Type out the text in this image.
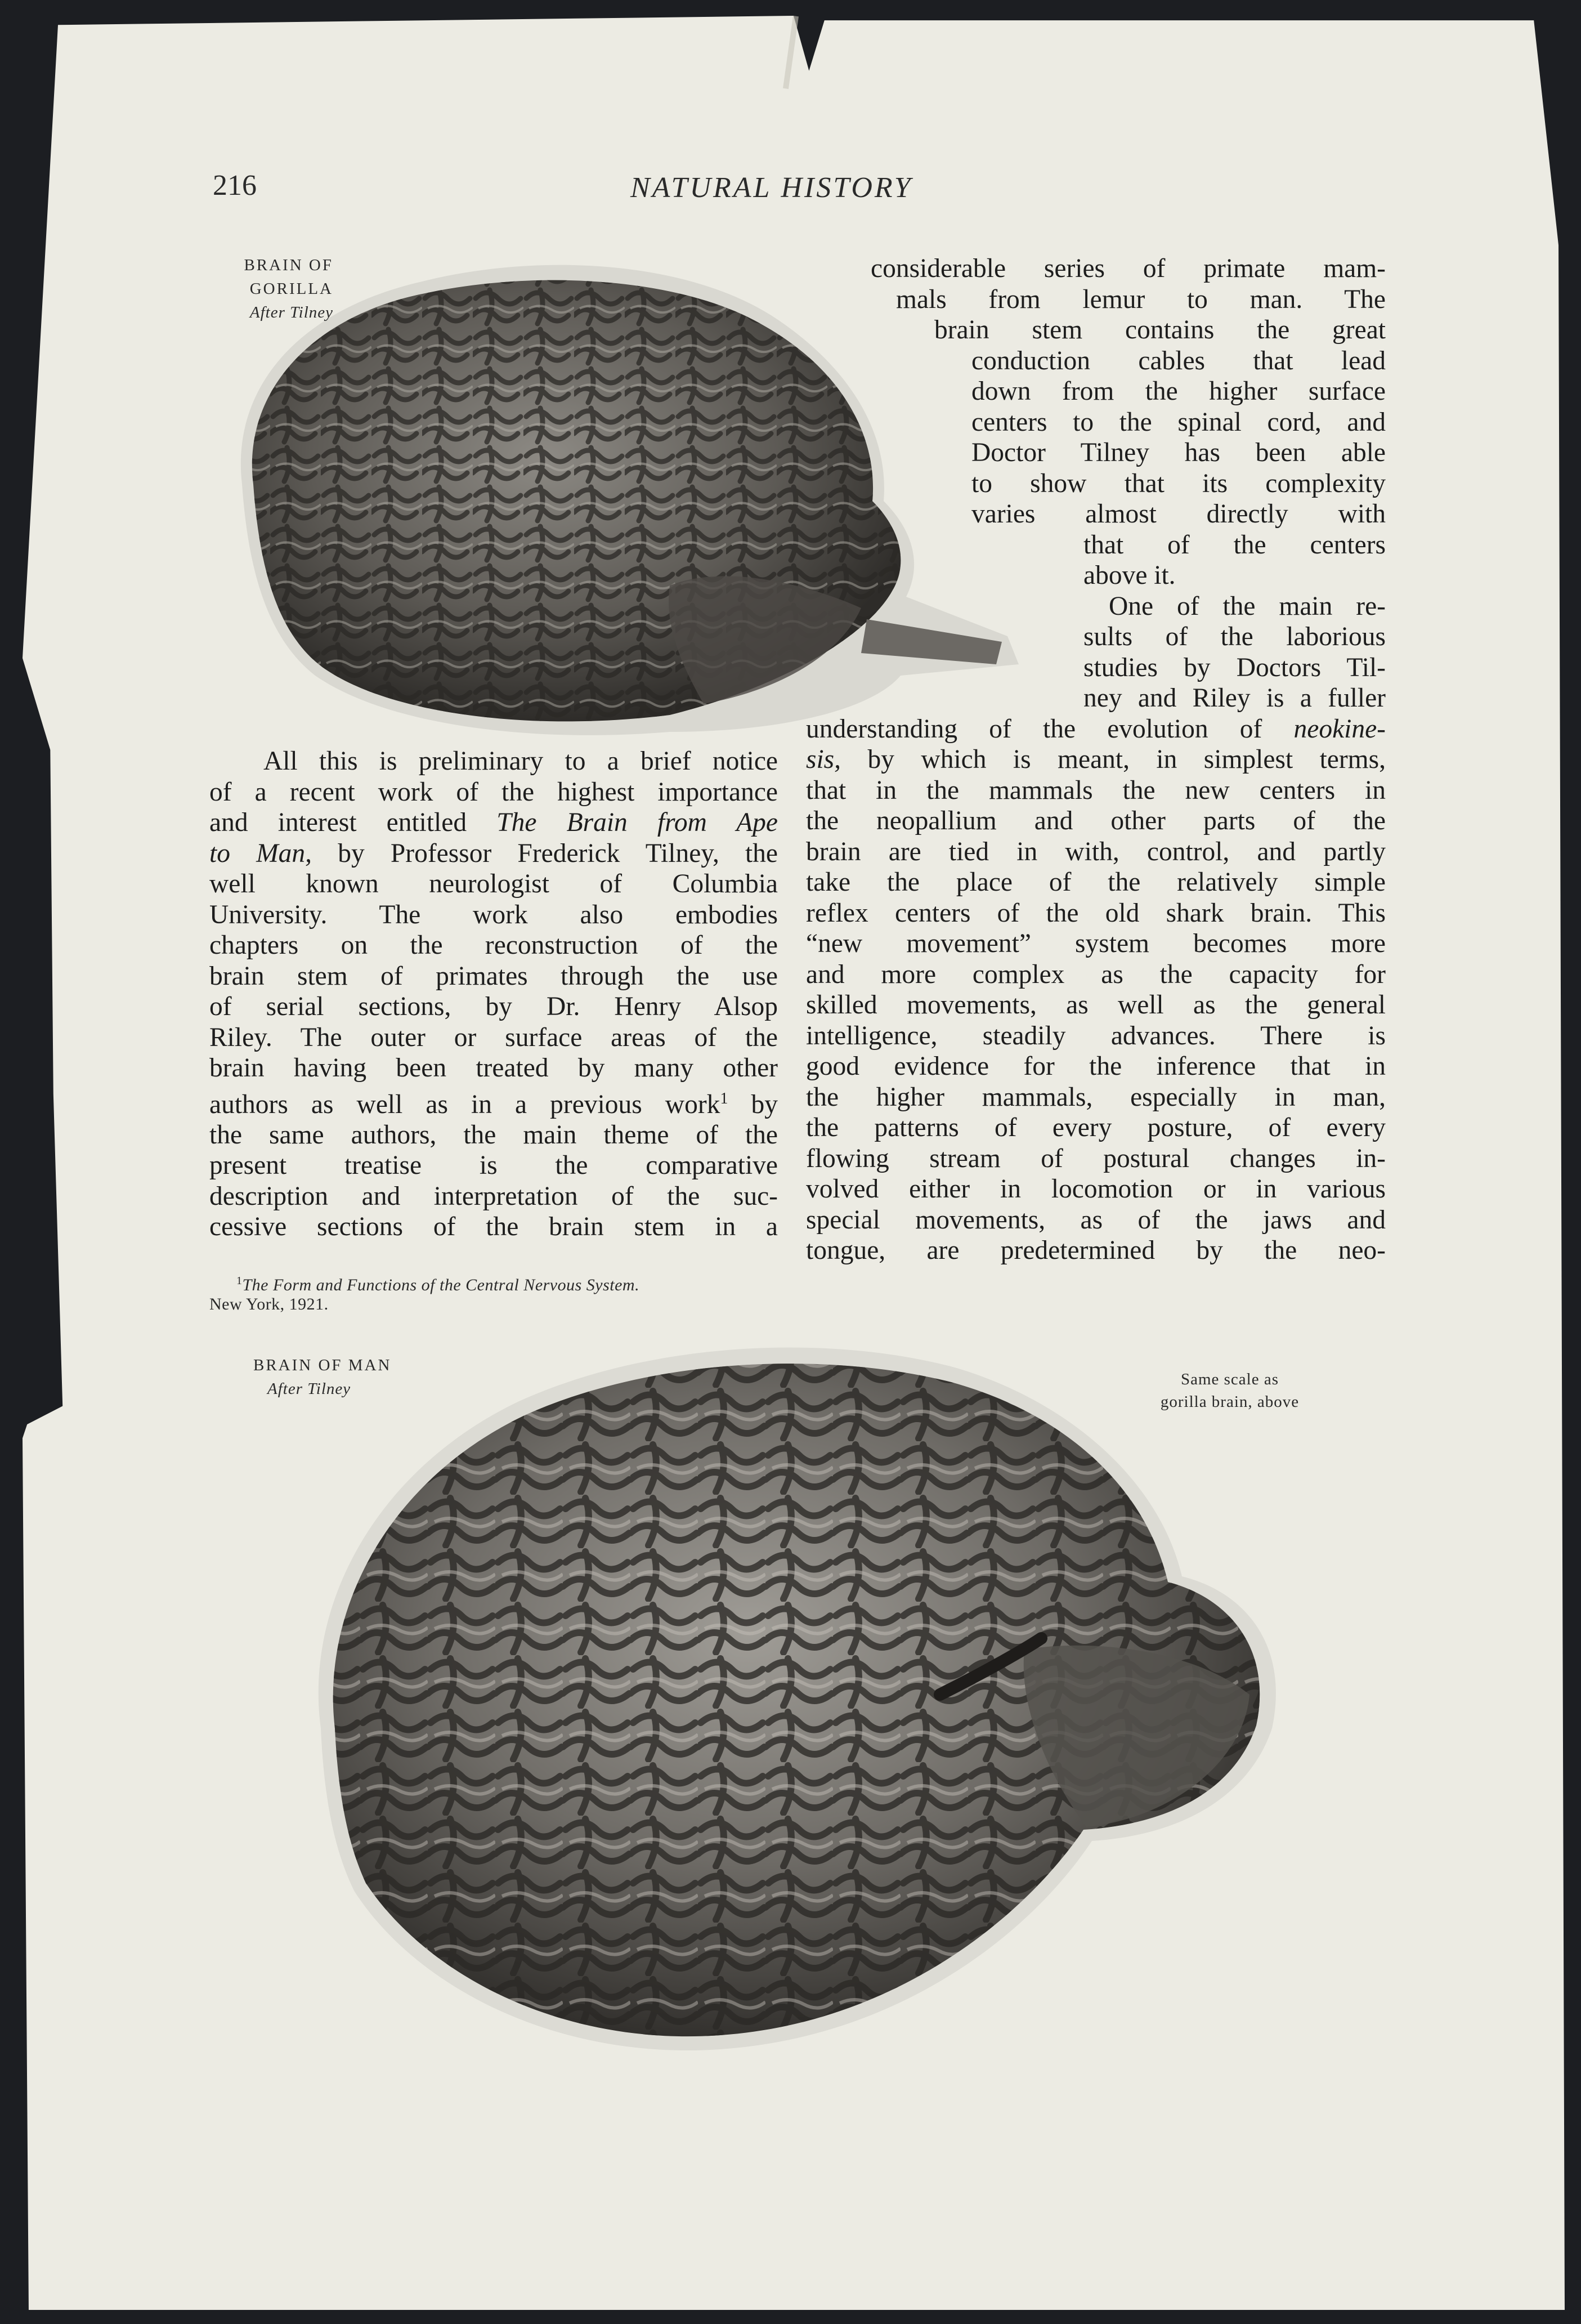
216	NATURAL HISTORY
BRAIN OF
GORILLA
After Tilney

considerable series of primate mam-
mals from lemur to man. The
brain stem contains the great
conduction cables that lead
down from the higher surface
centers to the spinal cord, and
Doctor Tilney has been able
to show that its complexity
varies almost directly with
that of the centers
above it.

One of the main re-
sults of the laborious
studies by Doctors Til-
ney and Riley is a fuller
understanding of the evolution of neokine-
sis, by which is meant, in simplest terms,
that in the mammals the new centers in
the neopallium and other parts of the
brain are tied in with, control, and partly
take the place of the relatively simple
reflex centers of the old shark brain. This
“new movement” system becomes more
and more complex as the capacity for
skilled movements, as well as the general
intelligence, steadily advances. There is
good evidence for the inference that in
the higher mammals, especially in man,
the patterns of every posture, of every
flowing stream of postural changes in-
volved either in locomotion or in various
special movements, as of the jaws and
tongue, are predetermined by the neo-

All this is preliminary to a brief notice
of a recent work of the highest importance
and interest entitled The Brain from Ape
to Man, by Professor Frederick Tilney, the
well known neurologist of Columbia
University. The work also embodies
chapters on the reconstruction of the
brain stem of primates through the use
of serial sections, by Dr. Henry Alsop
Riley. The outer or surface areas of the
brain having been treated by many other
authors as well as in a previous work$^1$ by
the same authors, the main theme of the
present treatise is the comparative
description and interpretation of the suc-
cessive sections of the brain stem in a

$^1$The Form and Functions of the Central Nervous System.
New York, 1921.
BRAIN OF MAN
After Tilney
Same scale as
gorilla brain, above
